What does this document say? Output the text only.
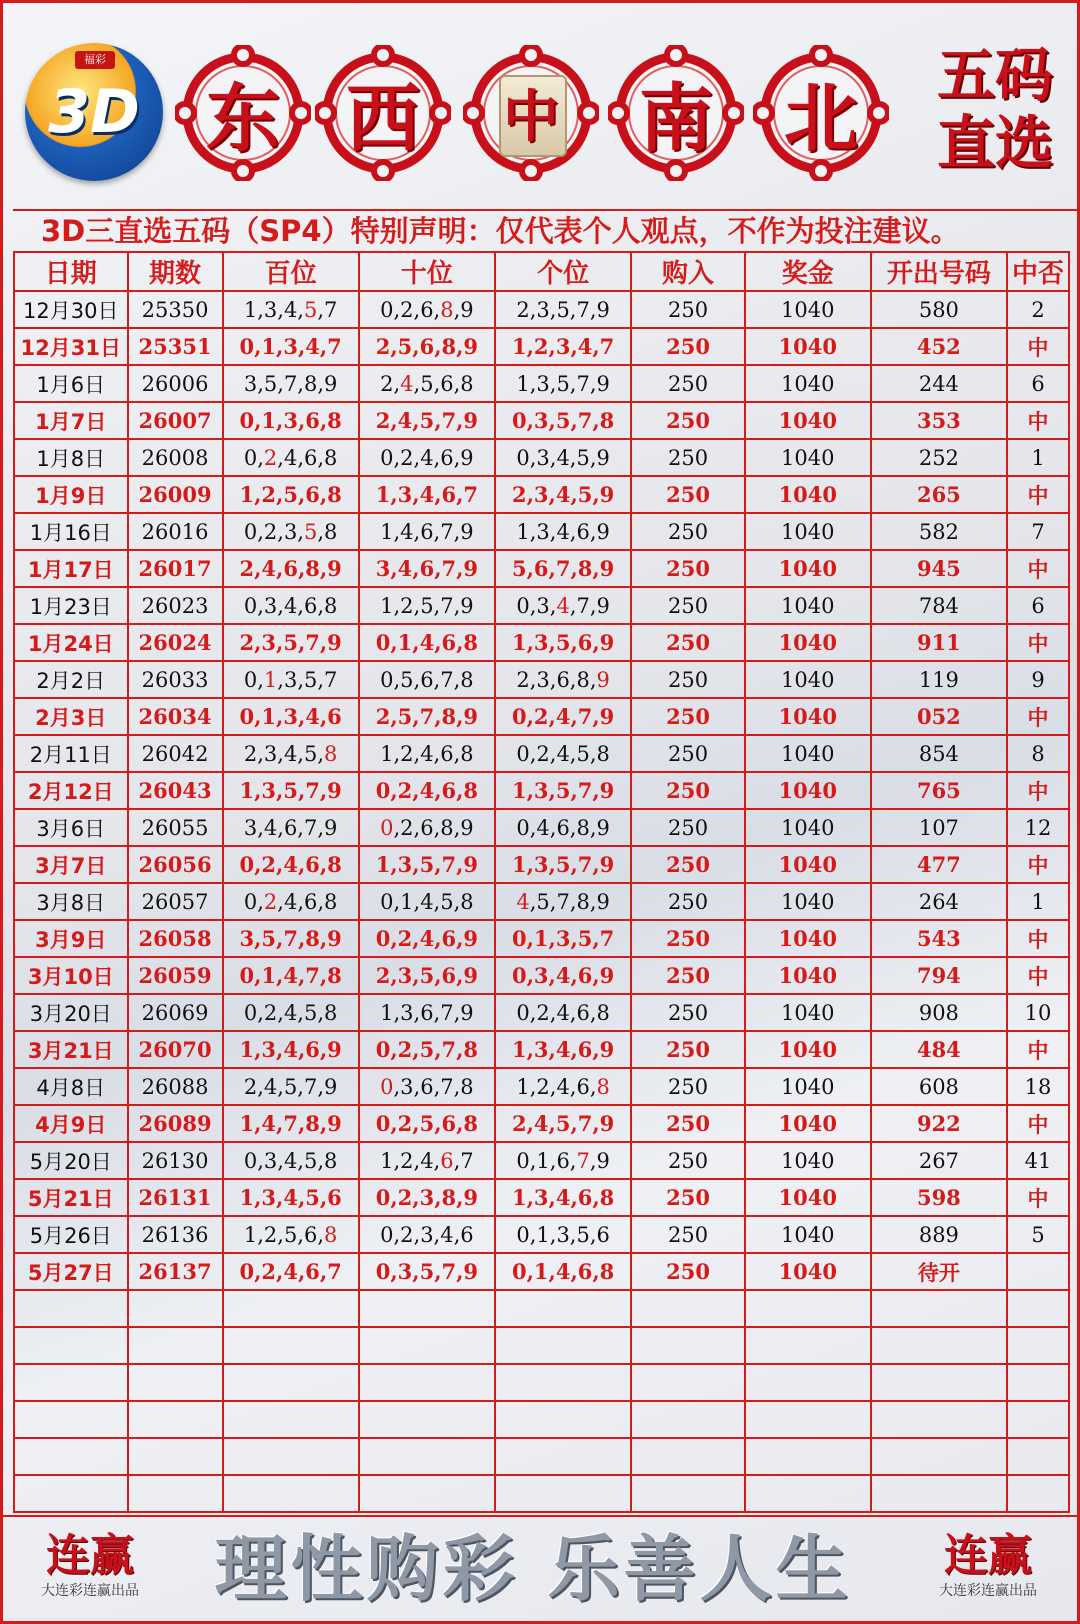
3D
福彩
东 西	中	南 北
五码
直选
3D三直选五码（SP4）特别声明：仅代表个人观点，不作为投注建议。
日期	期数	百位	十位	个位	购入	奖金	开出号码	中否
12月30日	25350	1,3,4,5,7	0,2,6,8,9	2,3,5,7,9	250	1040	580	2
12月31日	25351	0,1,3,4,7	2,5,6,8,9	1,2,3,4,7	250	1040	452	中
1月6日	26006	3,5,7,8,9	2,4,5,6,8	1,3,5,7,9	250	1040	244	6
1月7日	26007	0,1,3,6,8	2,4,5,7,9	0,3,5,7,8	250	1040	353	中
1月8日	26008	0,2,4,6,8	0,2,4,6,9	0,3,4,5,9	250	1040	252	1
1月9日	26009	1,2,5,6,8	1,3,4,6,7	2,3,4,5,9	250	1040	265	中
1月16日	26016	0,2,3,5,8	1,4,6,7,9	1,3,4,6,9	250	1040	582	7
1月17日	26017	2,4,6,8,9	3,4,6,7,9	5,6,7,8,9	250	1040	945	中
1月23日	26023	0,3,4,6,8	1,2,5,7,9	0,3,4,7,9	250	1040	784	6
1月24日	26024	2,3,5,7,9	0,1,4,6,8	1,3,5,6,9	250	1040	911	中
2月2日	26033	0,1,3,5,7	0,5,6,7,8	2,3,6,8,9	250	1040	119	9
2月3日	26034	0,1,3,4,6	2,5,7,8,9	0,2,4,7,9	250	1040	052	中
2月11日	26042	2,3,4,5,8	1,2,4,6,8	0,2,4,5,8	250	1040	854	8
2月12日	26043	1,3,5,7,9	0,2,4,6,8	1,3,5,7,9	250	1040	765	中
3月6日	26055	3,4,6,7,9	0,2,6,8,9	0,4,6,8,9	250	1040	107	12
3月7日	26056	0,2,4,6,8	1,3,5,7,9	1,3,5,7,9	250	1040	477	中
3月8日	26057	0,2,4,6,8	0,1,4,5,8	4,5,7,8,9	250	1040	264	1
3月9日	26058	3,5,7,8,9	0,2,4,6,9	0,1,3,5,7	250	1040	543	中
3月10日	26059	0,1,4,7,8	2,3,5,6,9	0,3,4,6,9	250	1040	794	中
3月20日	26069	0,2,4,5,8	1,3,6,7,9	0,2,4,6,8	250	1040	908	10
3月21日	26070	1,3,4,6,9	0,2,5,7,8	1,3,4,6,9	250	1040	484	中
4月8日	26088	2,4,5,7,9	0,3,6,7,8	1,2,4,6,8	250	1040	608	18
4月9日	26089	1,4,7,8,9	0,2,5,6,8	2,4,5,7,9	250	1040	922	中
5月20日	26130	0,3,4,5,8	1,2,4,6,7	0,1,6,7,9	250	1040	267	41
5月21日	26131	1,3,4,5,6	0,2,3,8,9	1,3,4,6,8	250	1040	598	中
5月26日	26136	1,2,5,6,8	0,2,3,4,6	0,1,3,5,6	250	1040	889	5
5月27日	26137	0,2,4,6,7	0,3,5,7,9	0,1,4,6,8	250	1040	待开	

连赢
大连彩连赢出品 理性购彩 乐善人生	连赢
大连彩连赢出品
